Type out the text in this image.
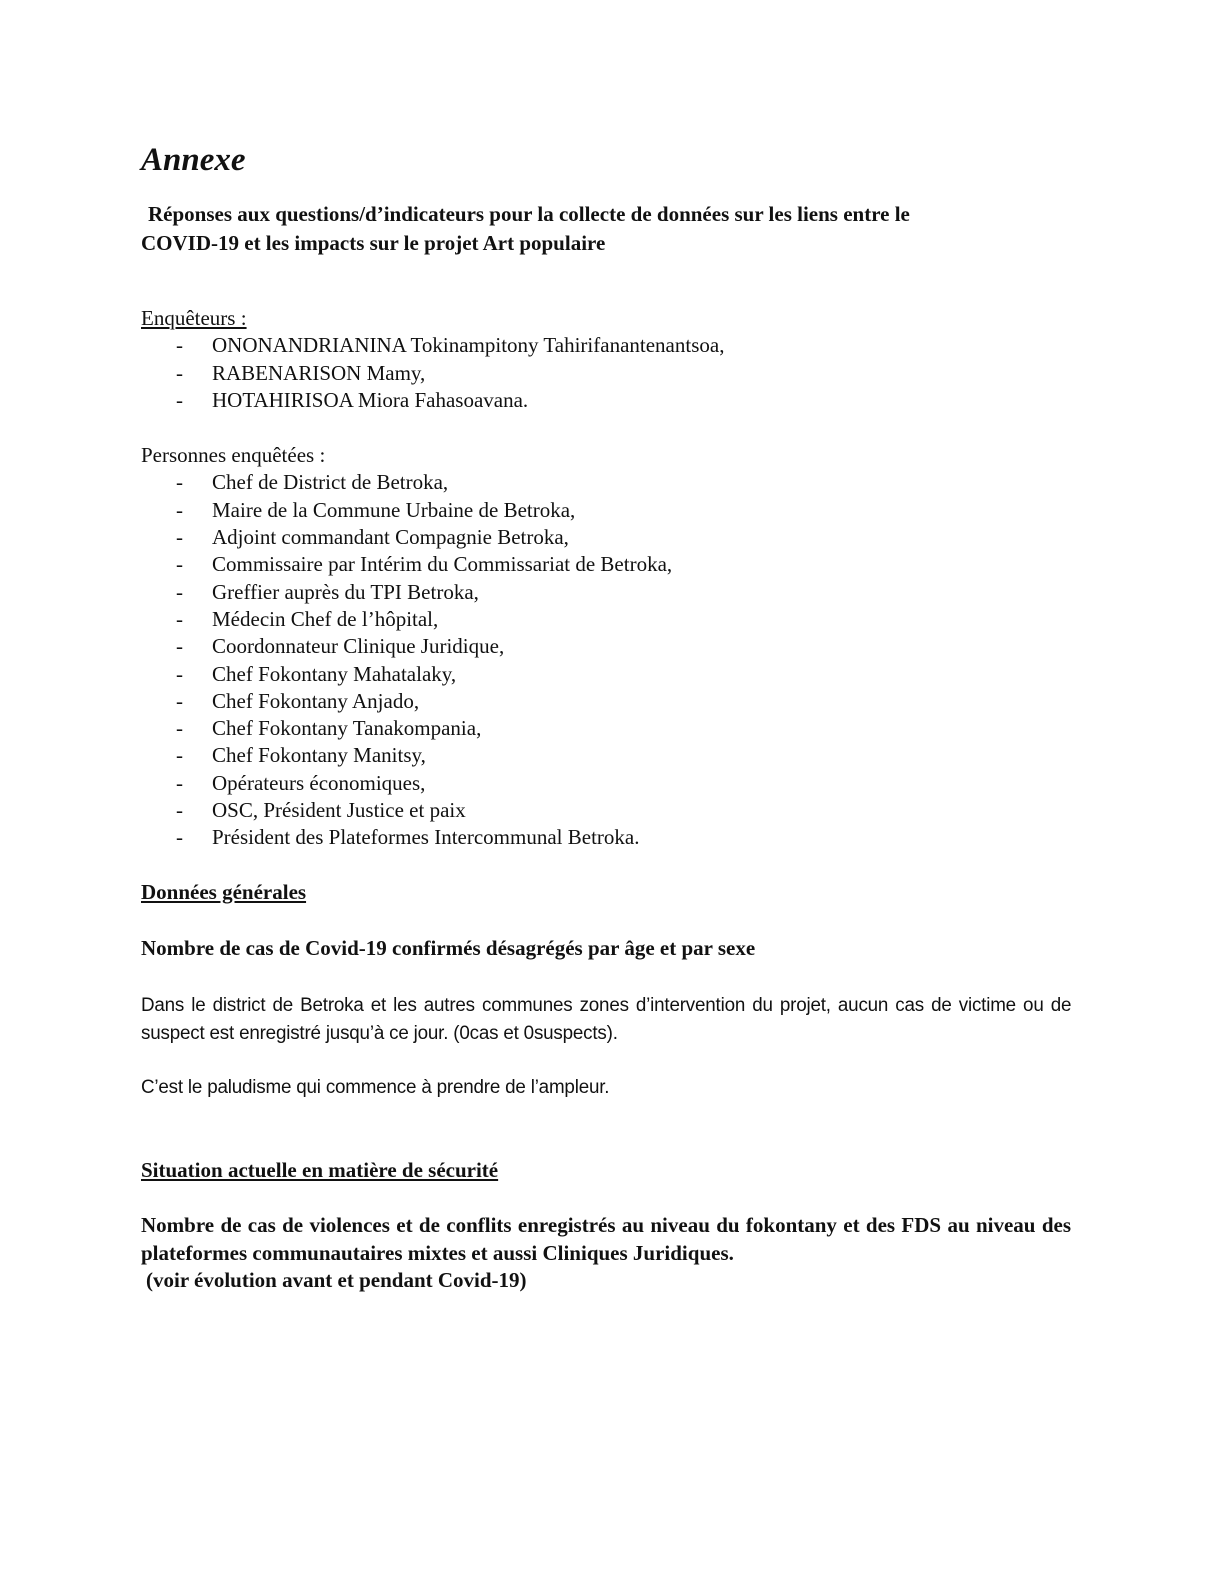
Annexe

Réponses aux questions/d’indicateurs pour la collecte de données sur les liens entre le
COVID-19 et les impacts sur le projet Art populaire

Enquêteurs :

- ONONANDRIANINA Tokinampitony Tahirifanantenantsoa,
- RABENARISON Mamy,
- HOTAHIRISOA Miora Fahasoavana.

Personnes enquêtées :

- Chef de District de Betroka,
- Maire de la Commune Urbaine de Betroka,
- Adjoint commandant Compagnie Betroka,
- Commissaire par Intérim du Commissariat de Betroka,
- Greffier auprès du TPI Betroka,
- Médecin Chef de l’hôpital,
- Coordonnateur Clinique Juridique,
- Chef Fokontany Mahatalaky,
- Chef Fokontany Anjado,
- Chef Fokontany Tanakompania,
- Chef Fokontany Manitsy,
- Opérateurs économiques,
- OSC, Président Justice et paix
- Président des Plateformes Intercommunal Betroka.

Données générales

Nombre de cas de Covid-19 confirmés désagrégés par âge et par sexe

Dans le district de Betroka et les autres communes zones d’intervention du projet, aucun cas de victime ou de suspect est enregistré jusqu’à ce jour. (0cas et 0suspects).

C’est le paludisme qui commence à prendre de l’ampleur.

Situation actuelle en matière de sécurité

Nombre de cas de violences et de conflits enregistrés au niveau du fokontany et des FDS au niveau des plateformes communautaires mixtes et aussi Cliniques Juridiques.
(voir évolution avant et pendant Covid-19)
